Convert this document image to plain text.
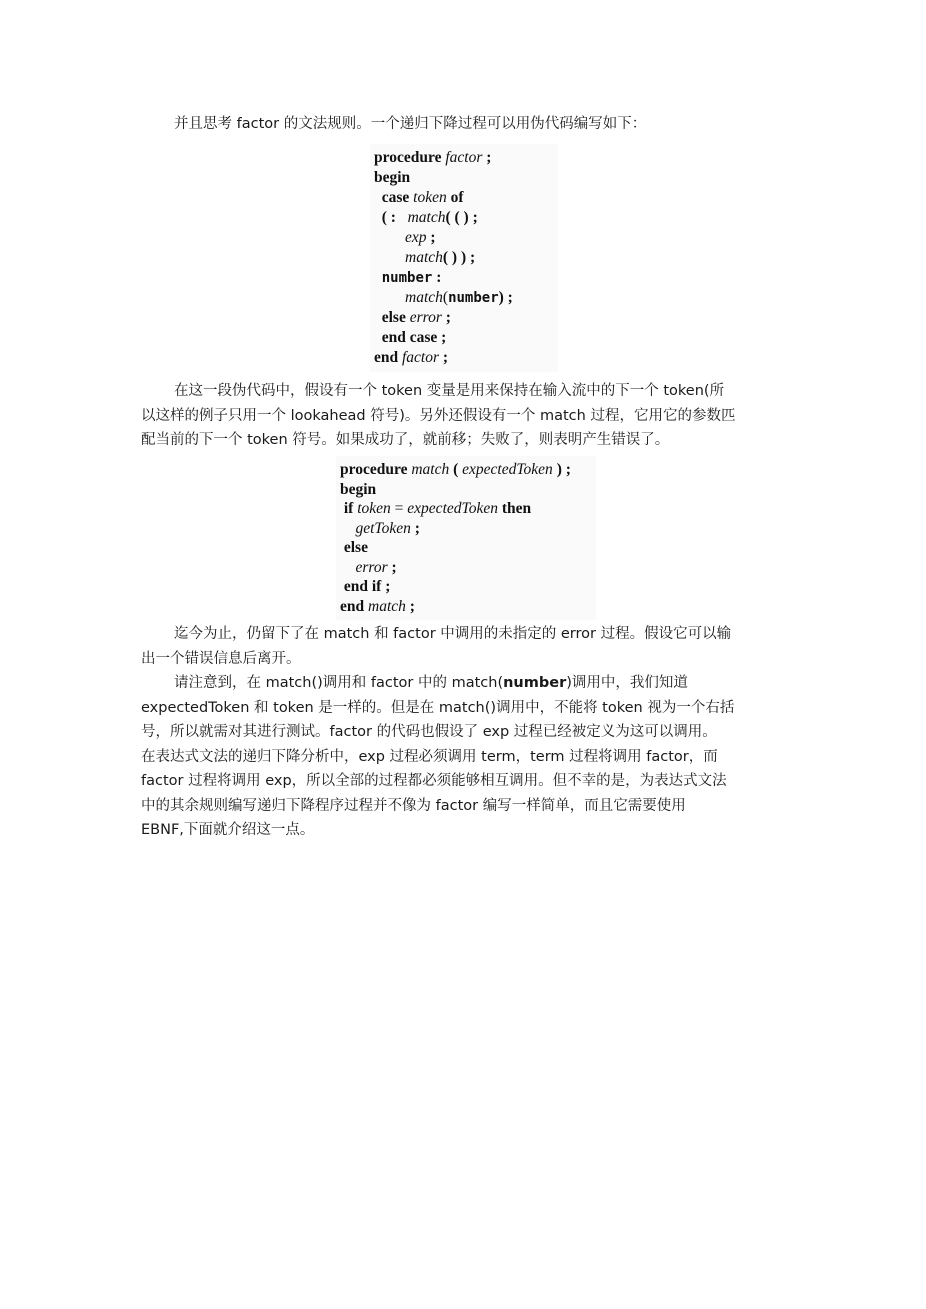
并且思考 factor 的文法规则。一个递归下降过程可以用伪代码编写如下：

procedure factor ;
begin
case token of
( : match( ( ) ;
exp ;
match( ) ) ;
number :
match(number) ;
else error ;
end case ;
end factor ;

在这一段伪代码中，假设有一个 token 变量是用来保持在输入流中的下一个 token(所
以这样的例子只用一个 lookahead 符号)。另外还假设有一个 match 过程，它用它的参数匹
配当前的下一个 token 符号。如果成功了，就前移；失败了，则表明产生错误了。

procedure match ( expectedToken ) ;
begin
if token = expectedToken then
getToken ;
else
error ;
end if ;
end match ;

迄今为止，仍留下了在 match 和 factor 中调用的未指定的 error 过程。假设它可以输
出一个错误信息后离开。

请注意到，在 match()调用和 factor 中的 match(number)调用中，我们知道
expectedToken 和 token 是一样的。但是在 match()调用中，不能将 token 视为一个右括
号，所以就需对其进行测试。factor 的代码也假设了 exp 过程已经被定义为这可以调用。
在表达式文法的递归下降分析中，exp 过程必须调用 term，term 过程将调用 factor，而
factor 过程将调用 exp，所以全部的过程都必须能够相互调用。但不幸的是，为表达式文法
中的其余规则编写递归下降程序过程并不像为 factor 编写一样简单，而且它需要使用
EBNF,下面就介绍这一点。
